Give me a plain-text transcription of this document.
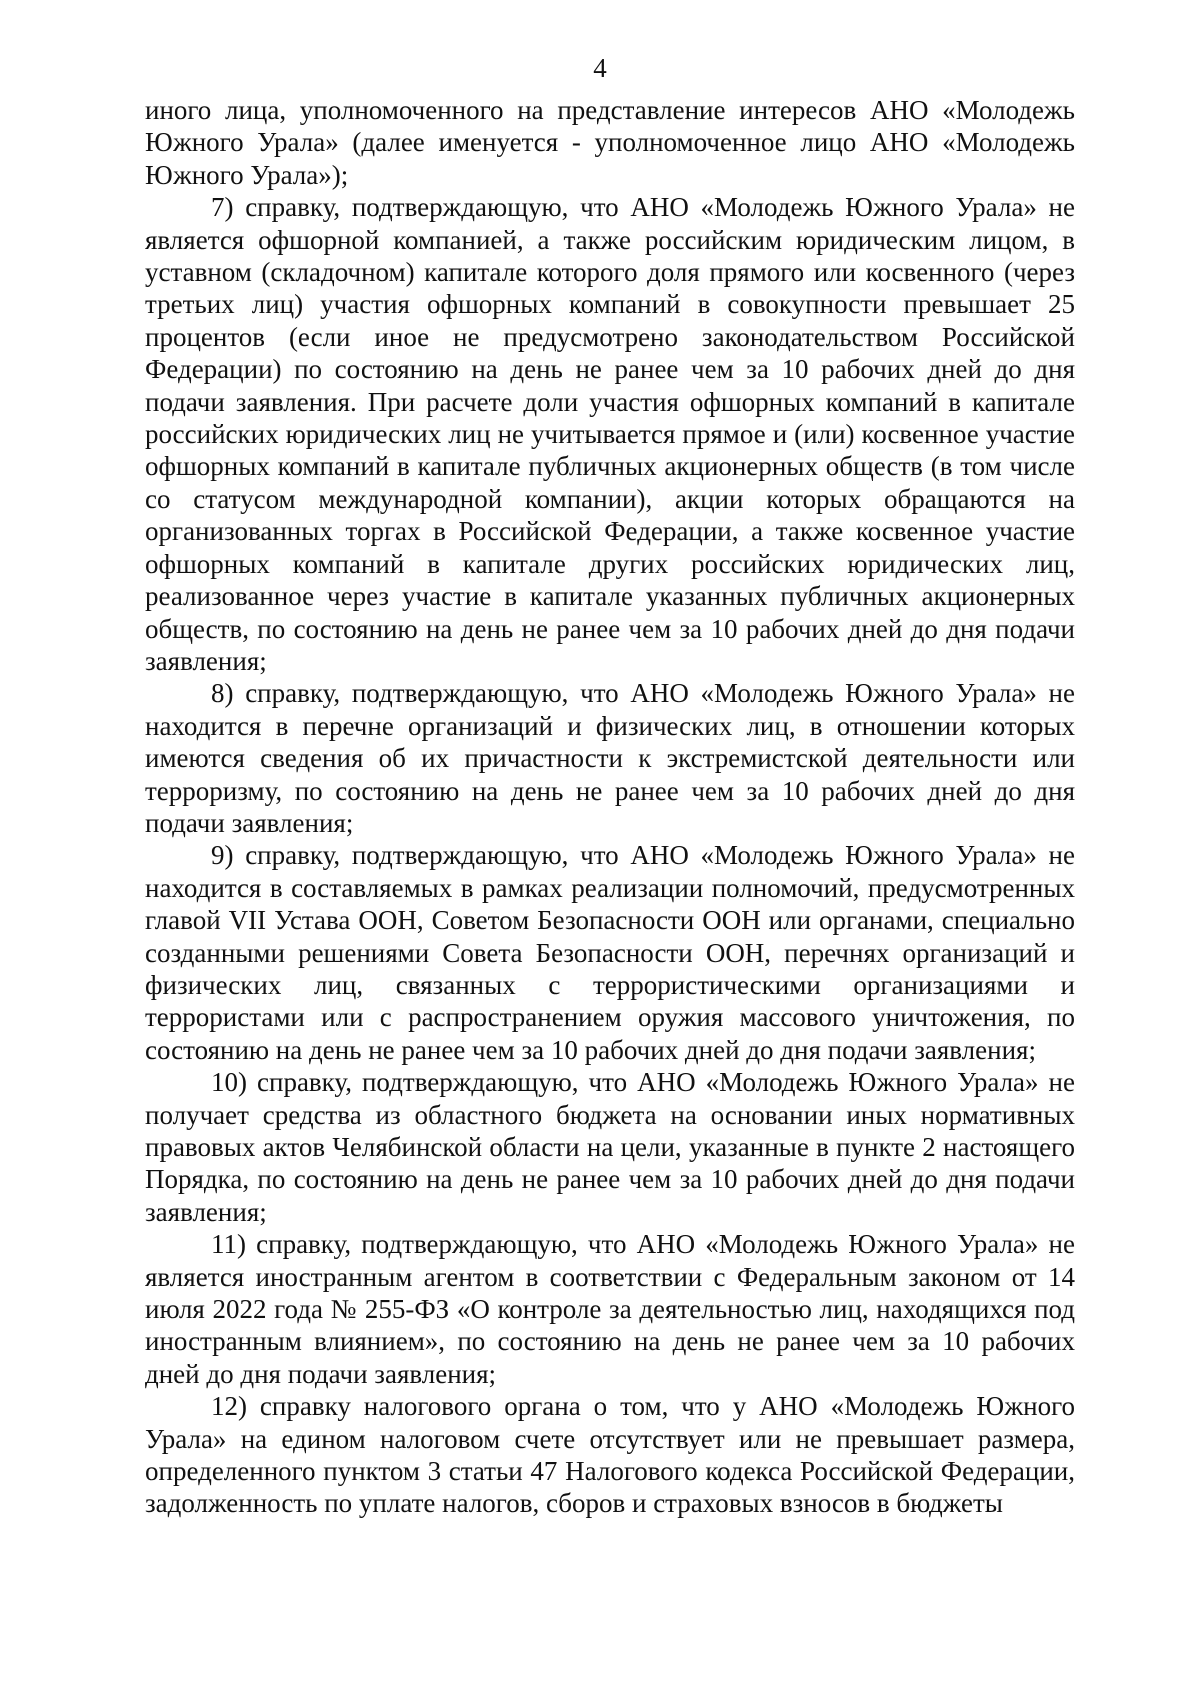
4

иного лица, уполномоченного на представление интересов АНО «Молодежь Южного Урала» (далее именуется - уполномоченное лицо АНО «Молодежь Южного Урала»);

7) справку, подтверждающую, что АНО «Молодежь Южного Урала» не является офшорной компанией, а также российским юридическим лицом, в уставном (складочном) капитале которого доля прямого или косвенного (через третьих лиц) участия офшорных компаний в совокупности превышает 25 процентов (если иное не предусмотрено законодательством Российской Федерации) по состоянию на день не ранее чем за 10 рабочих дней до дня подачи заявления. При расчете доли участия офшорных компаний в капитале российских юридических лиц не учитывается прямое и (или) косвенное участие офшорных компаний в капитале публичных акционерных обществ (в том числе со статусом международной компании), акции которых обращаются на организованных торгах в Российской Федерации, а также косвенное участие офшорных компаний в капитале других российских юридических лиц, реализованное через участие в капитале указанных публичных акционерных обществ, по состоянию на день не ранее чем за 10 рабочих дней до дня подачи заявления;

8) справку, подтверждающую, что АНО «Молодежь Южного Урала» не находится в перечне организаций и физических лиц, в отношении которых имеются сведения об их причастности к экстремистской деятельности или терроризму, по состоянию на день не ранее чем за 10 рабочих дней до дня подачи заявления;

9) справку, подтверждающую, что АНО «Молодежь Южного Урала» не находится в составляемых в рамках реализации полномочий, предусмотренных главой VII Устава ООН, Советом Безопасности ООН или органами, специально созданными решениями Совета Безопасности ООН, перечнях организаций и физических лиц, связанных с террористическими организациями и террористами или с распространением оружия массового уничтожения, по состоянию на день не ранее чем за 10 рабочих дней до дня подачи заявления;

10) справку, подтверждающую, что АНО «Молодежь Южного Урала» не получает средства из областного бюджета на основании иных нормативных правовых актов Челябинской области на цели, указанные в пункте 2 настоящего Порядка, по состоянию на день не ранее чем за 10 рабочих дней до дня подачи заявления;

11) справку, подтверждающую, что АНО «Молодежь Южного Урала» не является иностранным агентом в соответствии с Федеральным законом от 14 июля 2022 года № 255-ФЗ «О контроле за деятельностью лиц, находящихся под иностранным влиянием», по состоянию на день не ранее чем за 10 рабочих дней до дня подачи заявления;

12) справку налогового органа о том, что у АНО «Молодежь Южного Урала» на едином налоговом счете отсутствует или не превышает размера, определенного пунктом 3 статьи 47 Налогового кодекса Российской Федерации, задолженность по уплате налогов, сборов и страховых взносов в бюджеты
